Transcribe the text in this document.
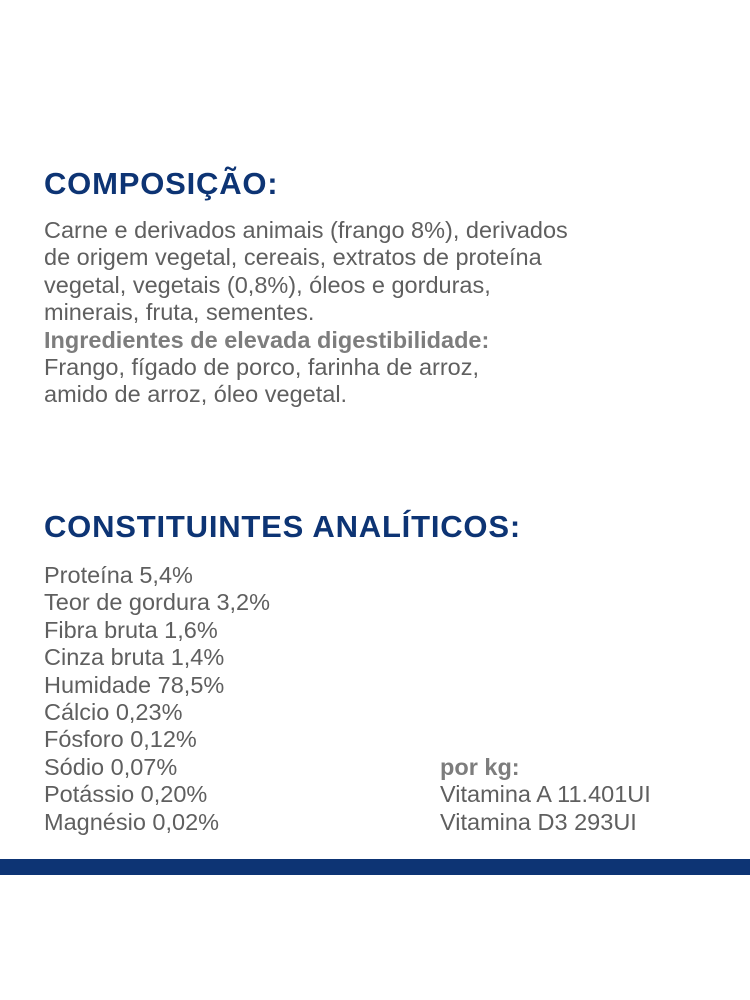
COMPOSIÇÃO:
Carne e derivados animais (frango 8%), derivados
de origem vegetal, cereais, extratos de proteína
vegetal, vegetais (0,8%), óleos e gorduras,
minerais, fruta, sementes.
Ingredientes de elevada digestibilidade:
Frango, fígado de porco, farinha de arroz,
amido de arroz, óleo vegetal.
CONSTITUINTES ANALÍTICOS:
Proteína 5,4%
Teor de gordura 3,2%
Fibra bruta 1,6%
Cinza bruta 1,4%
Humidade 78,5%
Cálcio 0,23%
Fósforo 0,12%
Sódio 0,07%
Potássio 0,20%
Magnésio 0,02%
por kg:
Vitamina A 11.401UI
Vitamina D3 293UI
